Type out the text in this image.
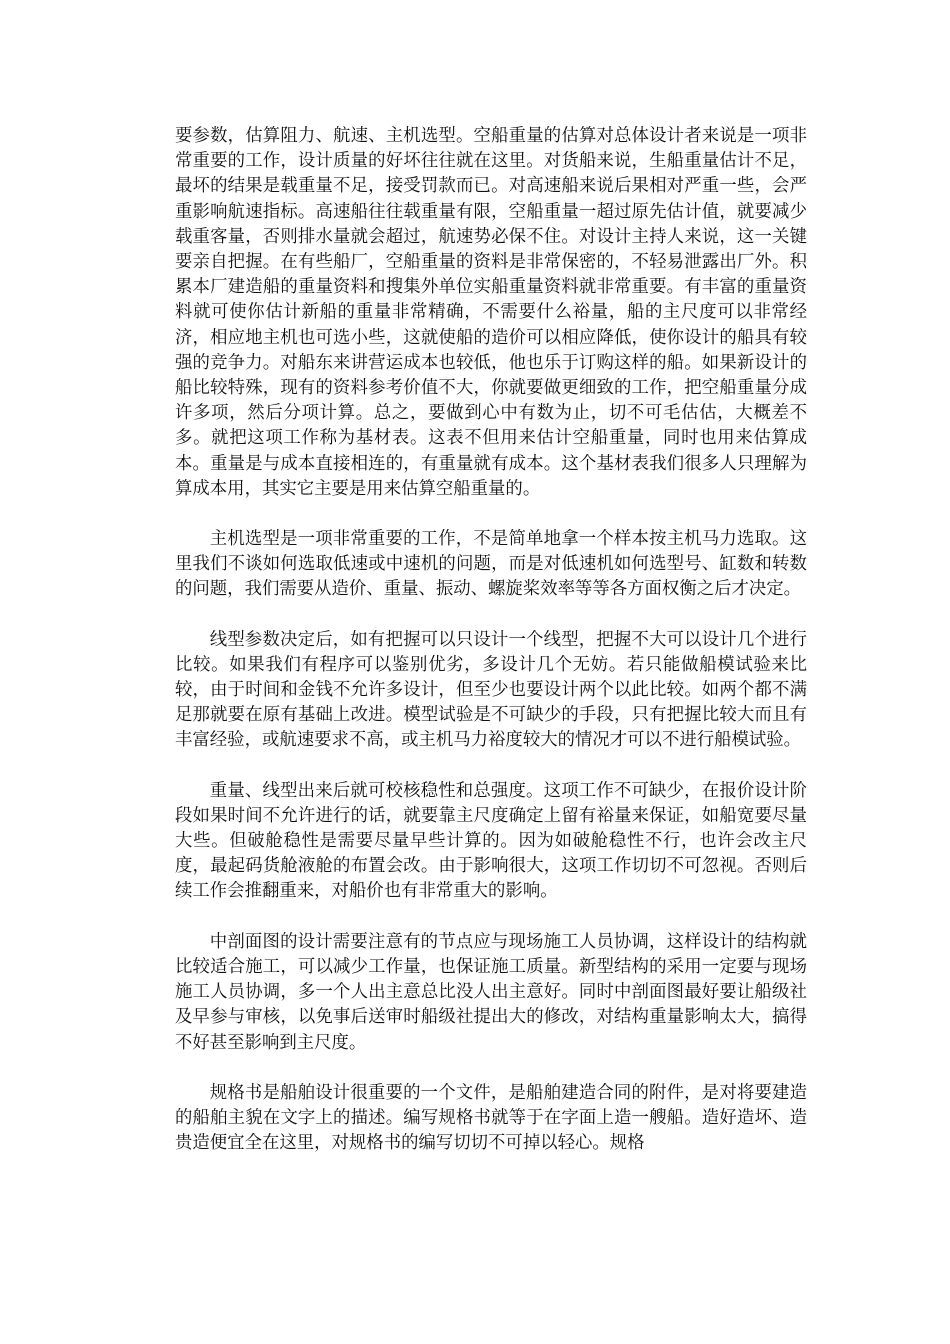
要参数，估算阻力、航速、主机选型。空船重量的估算对总体设计者来说是一项非常重要的工作，设计质量的好坏往往就在这里。对货船来说，生船重量估计不足，最坏的结果是载重量不足，接受罚款而已。对高速船来说后果相对严重一些，会严重影响航速指标。高速船往往载重量有限，空船重量一超过原先估计值，就要减少载重客量，否则排水量就会超过，航速势必保不住。对设计主持人来说，这一关键要亲自把握。在有些船厂，空船重量的资料是非常保密的，不轻易泄露出厂外。积累本厂建造船的重量资料和搜集外单位实船重量资料就非常重要。有丰富的重量资料就可使你估计新船的重量非常精确，不需要什么裕量，船的主尺度可以非常经济，相应地主机也可选小些，这就使船的造价可以相应降低，使你设计的船具有较强的竞争力。对船东来讲营运成本也较低，他也乐于订购这样的船。如果新设计的船比较特殊，现有的资料参考价值不大，你就要做更细致的工作，把空船重量分成许多项，然后分项计算。总之，要做到心中有数为止，切不可毛估估，大概差不多。就把这项工作称为基材表。这表不但用来估计空船重量，同时也用来估算成本。重量是与成本直接相连的，有重量就有成本。这个基材表我们很多人只理解为算成本用，其实它主要是用来估算空船重量的。

主机选型是一项非常重要的工作，不是简单地拿一个样本按主机马力选取。这里我们不谈如何选取低速或中速机的问题，而是对低速机如何选型号、缸数和转数的问题，我们需要从造价、重量、振动、螺旋桨效率等等各方面权衡之后才决定。

线型参数决定后，如有把握可以只设计一个线型，把握不大可以设计几个进行比较。如果我们有程序可以鉴别优劣，多设计几个无妨。若只能做船模试验来比较，由于时间和金钱不允许多设计，但至少也要设计两个以此比较。如两个都不满足那就要在原有基础上改进。模型试验是不可缺少的手段，只有把握比较大而且有丰富经验，或航速要求不高，或主机马力裕度较大的情况才可以不进行船模试验。

重量、线型出来后就可校核稳性和总强度。这项工作不可缺少，在报价设计阶段如果时间不允许进行的话，就要靠主尺度确定上留有裕量来保证，如船宽要尽量大些。但破舱稳性是需要尽量早些计算的。因为如破舱稳性不行，也许会改主尺度，最起码货舱液舱的布置会改。由于影响很大，这项工作切切不可忽视。否则后续工作会推翻重来，对船价也有非常重大的影响。

中剖面图的设计需要注意有的节点应与现场施工人员协调，这样设计的结构就比较适合施工，可以减少工作量，也保证施工质量。新型结构的采用一定要与现场施工人员协调，多一个人出主意总比没人出主意好。同时中剖面图最好要让船级社及早参与审核，以免事后送审时船级社提出大的修改，对结构重量影响太大，搞得不好甚至影响到主尺度。

规格书是船舶设计很重要的一个文件，是船舶建造合同的附件，是对将要建造的船舶主貌在文字上的描述。编写规格书就等于在字面上造一艘船。造好造坏、造贵造便宜全在这里，对规格书的编写切切不可掉以轻心。规格
